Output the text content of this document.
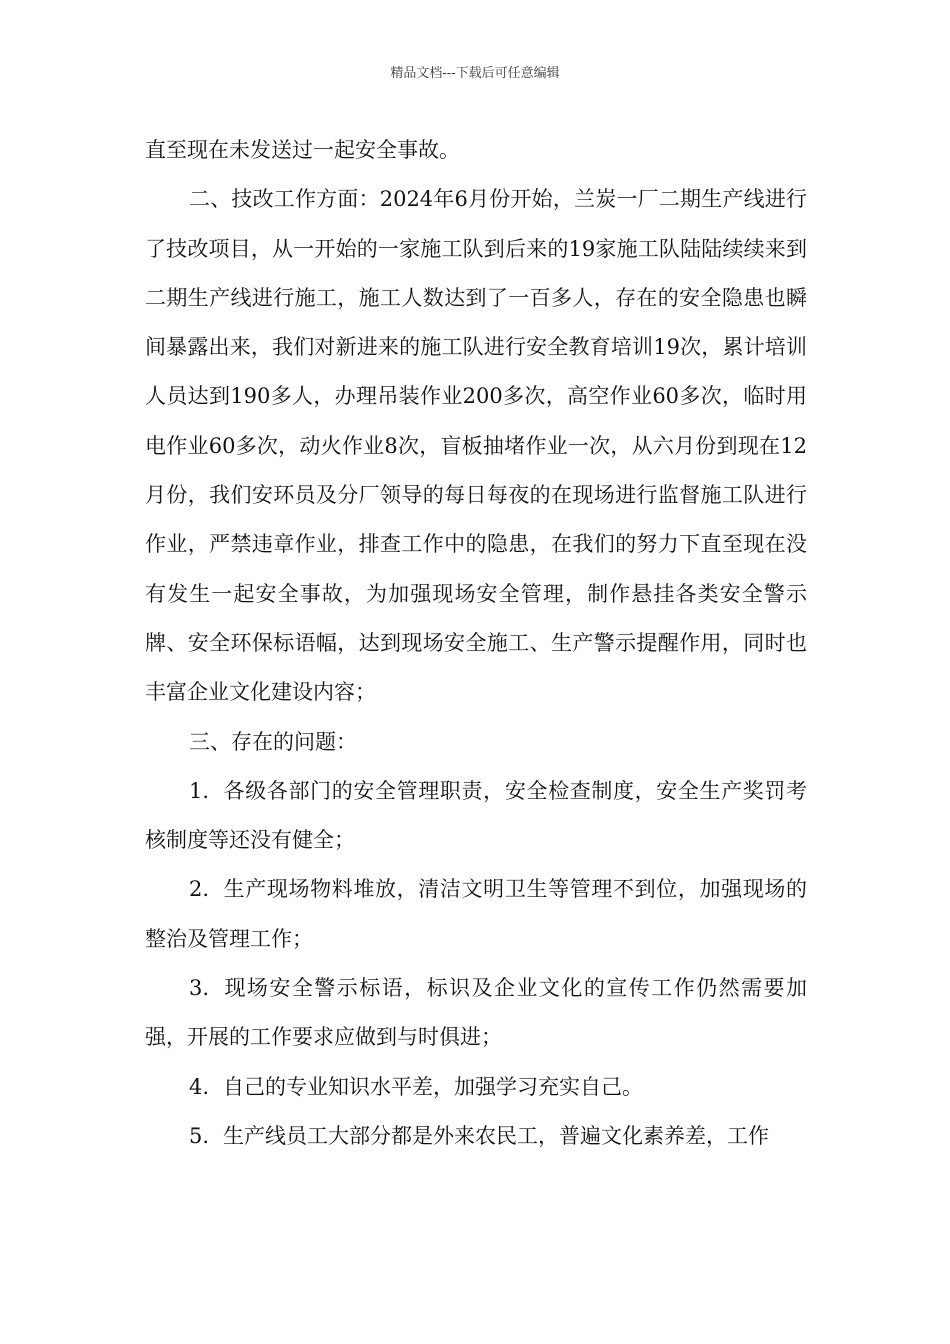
精品文档---下载后可任意编辑

直至现在未发送过一起安全事故。

二、技改工作方面：2024年6月份开始，兰炭一厂二期生产线进行了技改项目，从一开始的一家施工队到后来的19家施工队陆陆续续来到二期生产线进行施工，施工人数达到了一百多人，存在的安全隐患也瞬间暴露出来，我们对新进来的施工队进行安全教育培训19次，累计培训人员达到190多人，办理吊装作业200多次，高空作业60多次，临时用电作业60多次，动火作业8次，盲板抽堵作业一次，从六月份到现在12月份，我们安环员及分厂领导的每日每夜的在现场进行监督施工队进行作业，严禁违章作业，排查工作中的隐患，在我们的努力下直至现在没有发生一起安全事故，为加强现场安全管理，制作悬挂各类安全警示牌、安全环保标语幅，达到现场安全施工、生产警示提醒作用，同时也丰富企业文化建设内容；

三、存在的问题：

1. 各级各部门的安全管理职责，安全检查制度，安全生产奖罚考核制度等还没有健全；

2. 生产现场物料堆放，清洁文明卫生等管理不到位，加强现场的整治及管理工作；

3. 现场安全警示标语，标识及企业文化的宣传工作仍然需要加强，开展的工作要求应做到与时俱进；

4. 自己的专业知识水平差，加强学习充实自己。

5. 生产线员工大部分都是外来农民工，普遍文化素养差，工作
